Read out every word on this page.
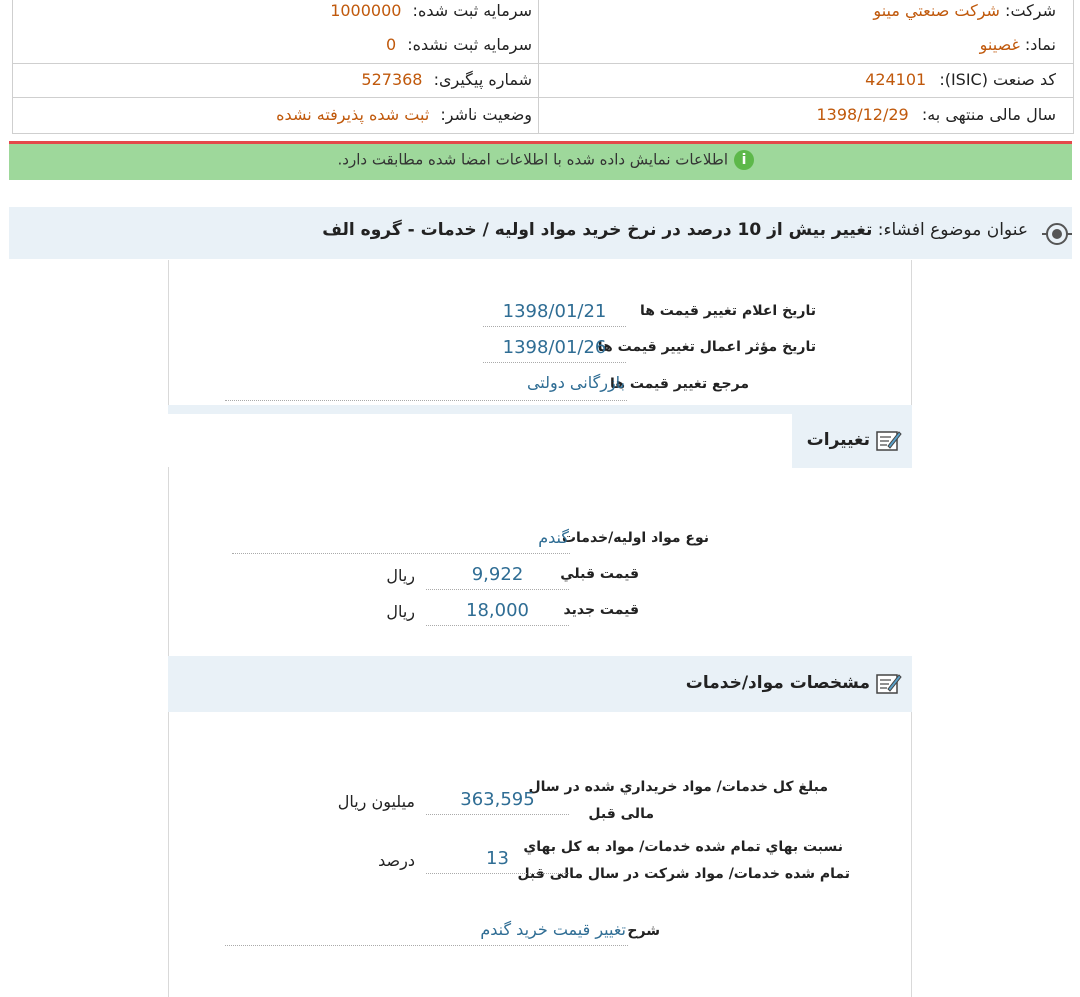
شرکت: شركت صنعتي مينو
نماد: غصينو
کد صنعت (ISIC): 424101
سال مالی منتهی به: 1398/12/29
سرمایه ثبت شده: 1000000
سرمایه ثبت نشده: 0
شماره پیگیری: 527368
وضعیت ناشر: ثبت شده پذیرفته نشده
iاطلاعات نمایش داده شده با اطلاعات امضا شده مطابقت دارد.
عنوان موضوع افشاء: تغییر بیش از 10 درصد در نرخ خرید مواد اولیه / خدمات - گروه الف
تاریخ اعلام تغییر قیمت ها
1398/01/21
تاریخ مؤثر اعمال تغییر قیمت ها
1398/01/26
مرجع تغییر قیمت ها
بازرگانی دولتی
تغییرات
نوع مواد اولیه/خدمات
گندم
قیمت قبلي
9,922
ريال
قیمت جدید
18,000
ريال
مشخصات مواد/خدمات
مبلغ کل خدمات/ مواد خريداري شده در سال
مالی قبل
363,595
میلیون ريال
نسبت بهاي تمام شده خدمات/ مواد به کل بهاي
تمام شده خدمات/ مواد شرکت در سال مالی قبل
13
درصد
شرح
تغییر قیمت خرید گندم
